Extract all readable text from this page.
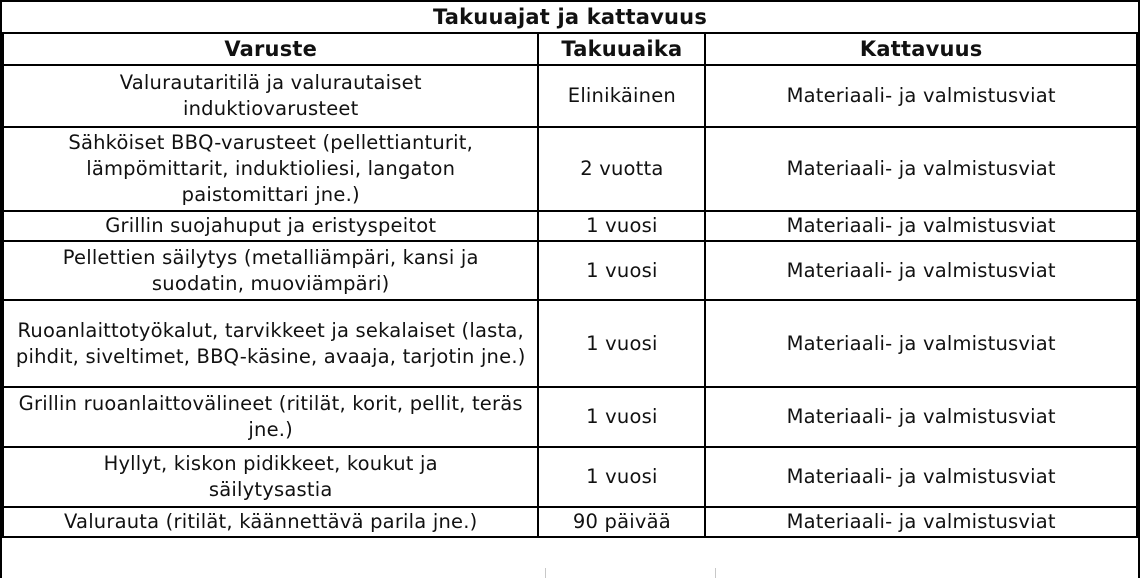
Takuuajat ja kattavuus		
Varuste	Takuuaika	Kattavuus
Valurautaritilä ja valurautaiset induktiovarusteet	Elinikäinen	Materiaali- ja valmistusviat
Sähköiset BBQ-varusteet (pellettianturit, lämpömittarit, induktioliesi, langaton paistomittari jne.)	2 vuotta	Materiaali- ja valmistusviat
Grillin suojahuput ja eristyspeitot	1 vuosi	Materiaali- ja valmistusviat
Pellettien säilytys (metalliämpäri, kansi ja suodatin, muoviämpäri)	1 vuosi	Materiaali- ja valmistusviat
Ruoanlaittotyökalut, tarvikkeet ja sekalaiset (lasta, pihdit, siveltimet, BBQ-käsine, avaaja, tarjotin jne.)	1 vuosi	Materiaali- ja valmistusviat
Grillin ruoanlaittovälineet (ritilät, korit, pellit, teräs jne.)	1 vuosi	Materiaali- ja valmistusviat
Hyllyt, kiskon pidikkeet, koukut ja säilytysastia	1 vuosi	Materiaali- ja valmistusviat
Valurauta (ritilät, käännettävä parila jne.)	90 päivää	Materiaali- ja valmistusviat
